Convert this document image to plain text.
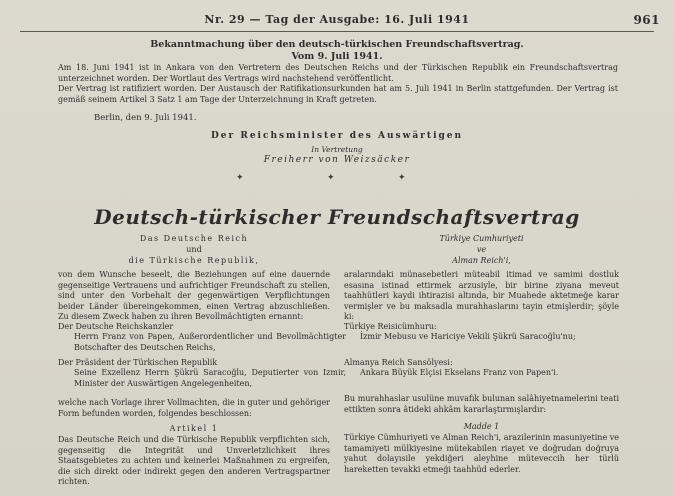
Nr. 29 — Tag der Ausgabe: 16. Juli 1941	961
Bekanntmachung über den deutsch-türkischen Freundschaftsvertrag.
Vom 9. Juli 1941.
Am 18. Juni 1941 ist in Ankara von den Vertretern des Deutschen Reichs und der Türkischen Republik ein Freundschaftsvertrag unterzeichnet worden. Der Wortlaut des Vertrags wird nachstehend veröffentlicht.
Der Vertrag ist ratifiziert worden. Der Austausch der Ratifikationsurkunden hat am 5. Juli 1941 in Berlin stattgefunden. Der Vertrag ist gemäß seinem Artikel 3 Satz 1 am Tage der Unterzeichnung in Kraft getreten.
Berlin, den 9. Juli 1941.
Der Reichsminister des Auswärtigen
In Vertretung
Freiherr von Weizsäcker
✦	✦	✦
Deutsch-türkischer Freundschaftsvertrag
Das Deutsche Reich
und
die Türkische Republik,
von dem Wunsche beseelt, die Beziehungen auf eine dauernde gegenseitige Vertrauens und aufrichtiger Freundschaft zu stellen, sind unter den Vorbehalt der gegenwärtigen Verpflichtungen beider Länder übereingekommen, einen Vertrag abzuschließen. Zu diesem Zweck haben zu ihren Bevollmächtigten ernannt:
Der Deutsche Reichskanzler
Herrn Franz von Papen, Außerordentlicher und Bevollmächtigter Botschafter des Deutschen Reichs,
Der Präsident der Türkischen Republik
Seine Exzellenz Herrn Şükrü Saracoğlu, Deputierter von Izmir, Minister der Auswärtigen Angelegenheiten,
welche nach Vorlage ihrer Vollmachten, die in guter und gehöriger Form befunden worden, folgendes beschlossen:
Artikel 1
Das Deutsche Reich und die Türkische Republik verpflichten sich, gegenseitig die Integrität und Unverletzlichkeit ihres Staatsgebietes zu achten und keinerlei Maßnahmen zu ergreifen, die sich direkt oder indirekt gegen den anderen Vertragspartner richten.
Türkiye Cumhuriyeti
ve
Alman Reich'i,
aralarındaki münasebetleri müteabil itimad ve samimi dostluk esasına istinad ettirmek arzusiyle, bir birine ziyana meveut taahhütleri kaydi ihtirazisi altında, bir Muahede aktetmeğe karar vermişler ve bu maksadla murahhaslarını tayin etmişlerdir; şöyle ki:
Türkiye Reisicümhuru:
İzmir Mebusu ve Hariciye Vekili Şükrü Saracoğlu'nu;
Almanya Reich Sansölyesi:
Ankara Büyük Elçisi Ekselans Franz von Papen'i.
Bu murahhaslar usulüne muvafık bulunan salâhiyetnamelerini teati ettikten sonra âtideki ahkâm kararlaştırmışlardır:
Madde 1
Türkiye Cümhuriyeti ve Alman Reich'i, arazilerinin masuniyetine ve tamamiyeti mülkiyesine mütekabilen riayet ve doğrudan doğruya yahut dolayısile yekdiğeri aleyhine müteveccih her türlü hareketten tevakki etmeği taahhüd ederler.
